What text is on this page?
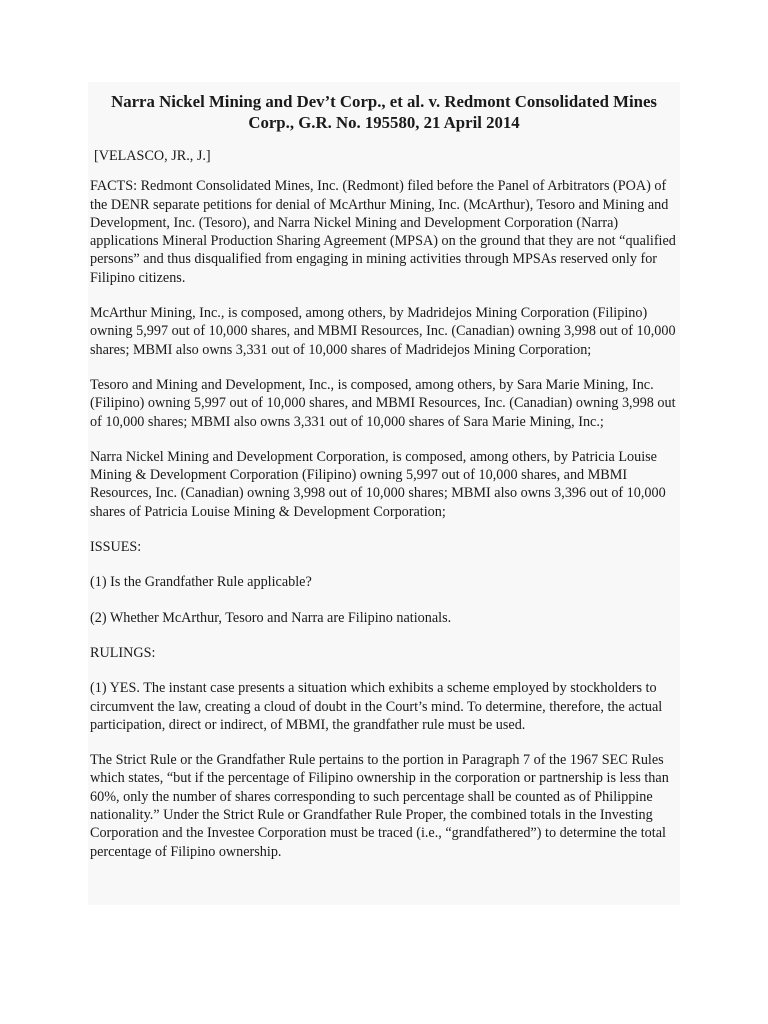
Narra Nickel Mining and Dev’t Corp., et al. v. Redmont Consolidated Mines Corp., G.R. No. 195580, 21 April 2014
[VELASCO, JR., J.]

FACTS: Redmont Consolidated Mines, Inc. (Redmont) filed before the Panel of Arbitrators (POA) of the DENR separate petitions for denial of McArthur Mining, Inc. (McArthur), Tesoro and Mining and Development, Inc. (Tesoro), and Narra Nickel Mining and Development Corporation (Narra) applications Mineral Production Sharing Agreement (MPSA) on the ground that they are not “qualified persons” and thus disqualified from engaging in mining activities through MPSAs reserved only for Filipino citizens.

McArthur Mining, Inc., is composed, among others, by Madridejos Mining Corporation (Filipino) owning 5,997 out of 10,000 shares, and MBMI Resources, Inc. (Canadian) owning 3,998 out of 10,000 shares; MBMI also owns 3,331 out of 10,000 shares of Madridejos Mining Corporation;

Tesoro and Mining and Development, Inc., is composed, among others, by Sara Marie Mining, Inc. (Filipino) owning 5,997 out of 10,000 shares, and MBMI Resources, Inc. (Canadian) owning 3,998 out of 10,000 shares; MBMI also owns 3,331 out of 10,000 shares of Sara Marie Mining, Inc.;

Narra Nickel Mining and Development Corporation, is composed, among others, by Patricia Louise Mining & Development Corporation (Filipino) owning 5,997 out of 10,000 shares, and MBMI Resources, Inc. (Canadian) owning 3,998 out of 10,000 shares; MBMI also owns 3,396 out of 10,000 shares of Patricia Louise Mining & Development Corporation;

ISSUES:

(1) Is the Grandfather Rule applicable?

(2) Whether McArthur, Tesoro and Narra are Filipino nationals.

RULINGS:

(1) YES. The instant case presents a situation which exhibits a scheme employed by stockholders to circumvent the law, creating a cloud of doubt in the Court’s mind. To determine, therefore, the actual participation, direct or indirect, of MBMI, the grandfather rule must be used.

The Strict Rule or the Grandfather Rule pertains to the portion in Paragraph 7 of the 1967 SEC Rules which states, “but if the percentage of Filipino ownership in the corporation or partnership is less than 60%, only the number of shares corresponding to such percentage shall be counted as of Philippine nationality.” Under the Strict Rule or Grandfather Rule Proper, the combined totals in the Investing Corporation and the Investee Corporation must be traced (i.e., “grandfathered”) to determine the total percentage of Filipino ownership.
